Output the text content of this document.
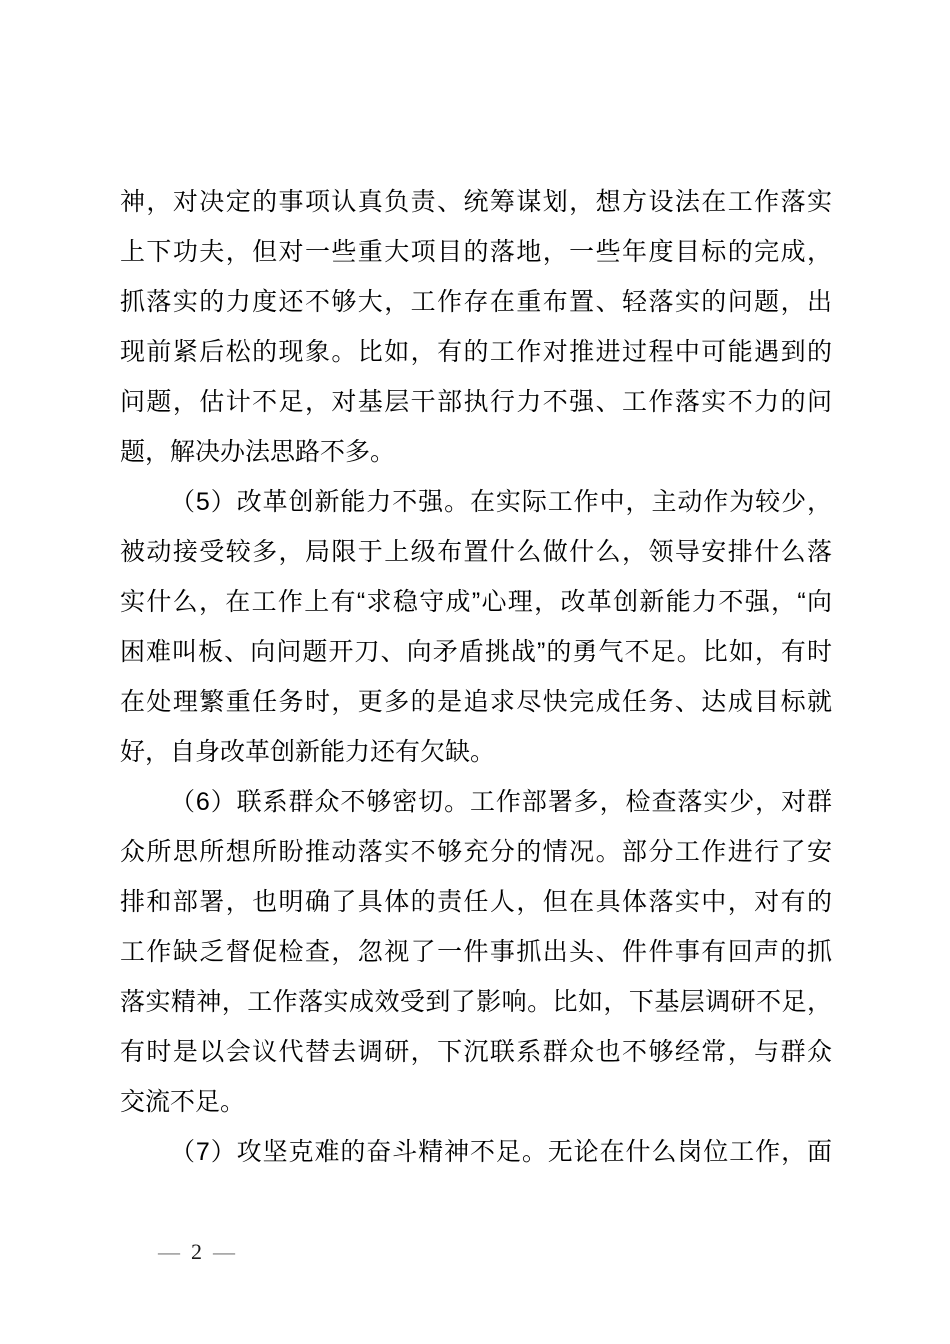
神，对决定的事项认真负责、统筹谋划，想方设法在工作落实
上下功夫，但对一些重大项目的落地，一些年度目标的完成，
抓落实的力度还不够大，工作存在重布置、轻落实的问题，出
现前紧后松的现象。比如，有的工作对推进过程中可能遇到的
问题，估计不足，对基层干部执行力不强、工作落实不力的问
题，解决办法思路不多。
（5）改革创新能力不强。在实际工作中，主动作为较少，
被动接受较多，局限于上级布置什么做什么，领导安排什么落
实什么，在工作上有“求稳守成”心理，改革创新能力不强，“向
困难叫板、向问题开刀、向矛盾挑战”的勇气不足。比如，有时
在处理繁重任务时，更多的是追求尽快完成任务、达成目标就
好，自身改革创新能力还有欠缺。
（6）联系群众不够密切。工作部署多，检查落实少，对群
众所思所想所盼推动落实不够充分的情况。部分工作进行了安
排和部署，也明确了具体的责任人，但在具体落实中，对有的
工作缺乏督促检查，忽视了一件事抓出头、件件事有回声的抓
落实精神，工作落实成效受到了影响。比如，下基层调研不足，
有时是以会议代替去调研，下沉联系群众也不够经常，与群众
交流不足。
（7）攻坚克难的奋斗精神不足。无论在什么岗位工作，面
— 2 —
